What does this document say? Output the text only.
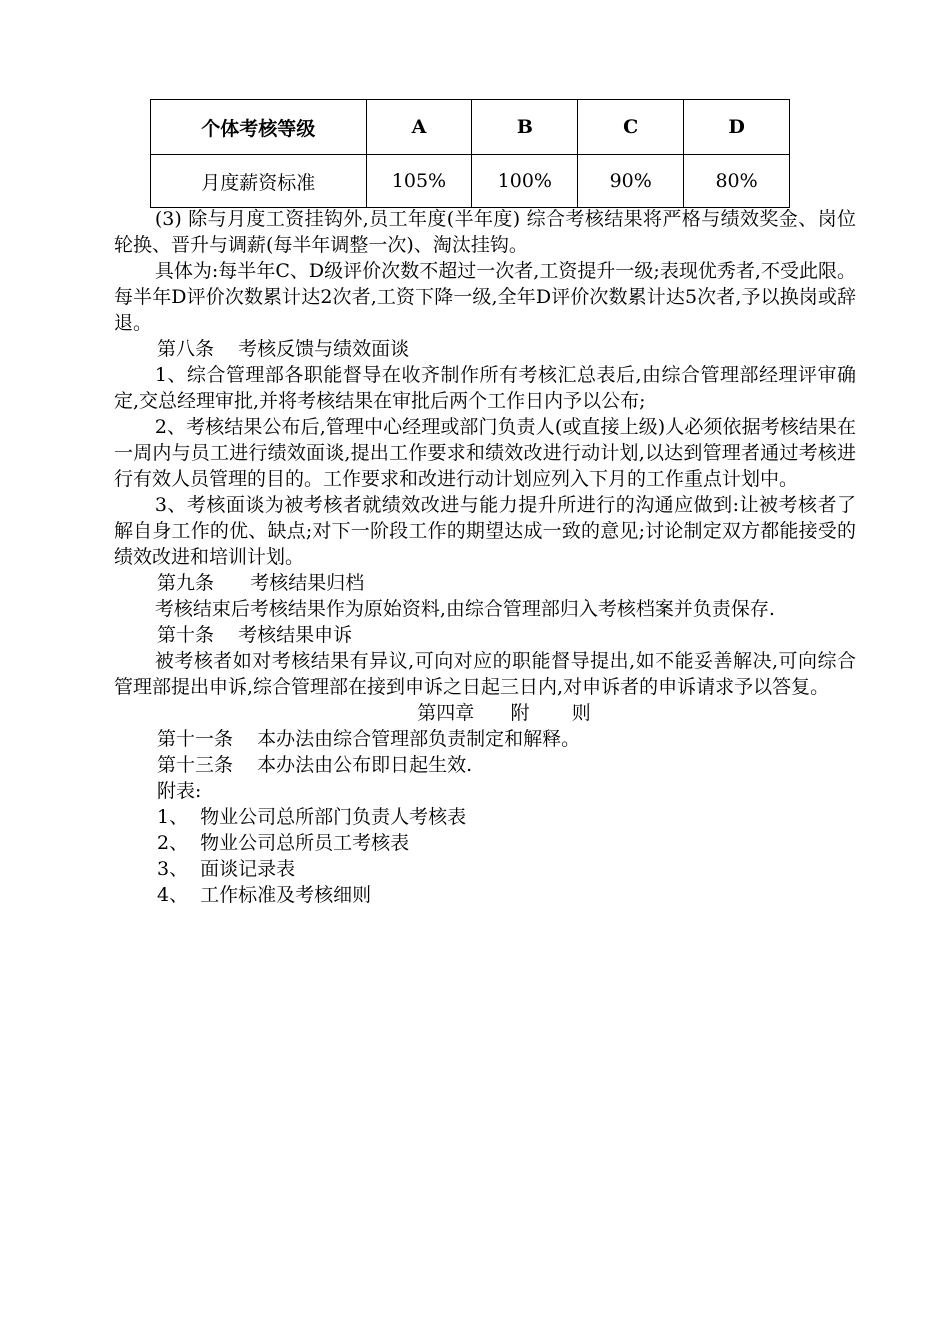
个体考核等级	A	B	C	D
月度薪资标准	105%	100%	90%	80%

(3) 除与月度工资挂钩外,员工年度(半年度) 综合考核结果将严格与绩效奖金、岗位轮换、晋升与调薪(每半年调整一次)、淘汰挂钩。

具体为:每半年C、D级评价次数不超过一次者,工资提升一级;表现优秀者,不受此限。每半年D评价次数累计达2次者,工资下降一级,全年D评价次数累计达5次者,予以换岗或辞退。

第八条    考核反馈与绩效面谈

1、综合管理部各职能督导在收齐制作所有考核汇总表后,由综合管理部经理评审确定,交总经理审批,并将考核结果在审批后两个工作日内予以公布;

2、考核结果公布后,管理中心经理或部门负责人(或直接上级)人必须依据考核结果在一周内与员工进行绩效面谈,提出工作要求和绩效改进行动计划,以达到管理者通过考核进行有效人员管理的目的。工作要求和改进行动计划应列入下月的工作重点计划中。

3、考核面谈为被考核者就绩效改进与能力提升所进行的沟通应做到:让被考核者了解自身工作的优、缺点;对下一阶段工作的期望达成一致的意见;讨论制定双方都能接受的绩效改进和培训计划。

第九条      考核结果归档

考核结束后考核结果作为原始资料,由综合管理部归入考核档案并负责保存.

第十条    考核结果申诉

被考核者如对考核结果有异议,可向对应的职能督导提出,如不能妥善解决,可向综合管理部提出申诉,综合管理部在接到申诉之日起三日内,对申诉者的申诉请求予以答复。

第四章      附       则

第十一条    本办法由综合管理部负责制定和解释。

第十三条    本办法由公布即日起生效.

附表:

1、  物业公司总所部门负责人考核表

2、  物业公司总所员工考核表

3、  面谈记录表

4、  工作标准及考核细则
